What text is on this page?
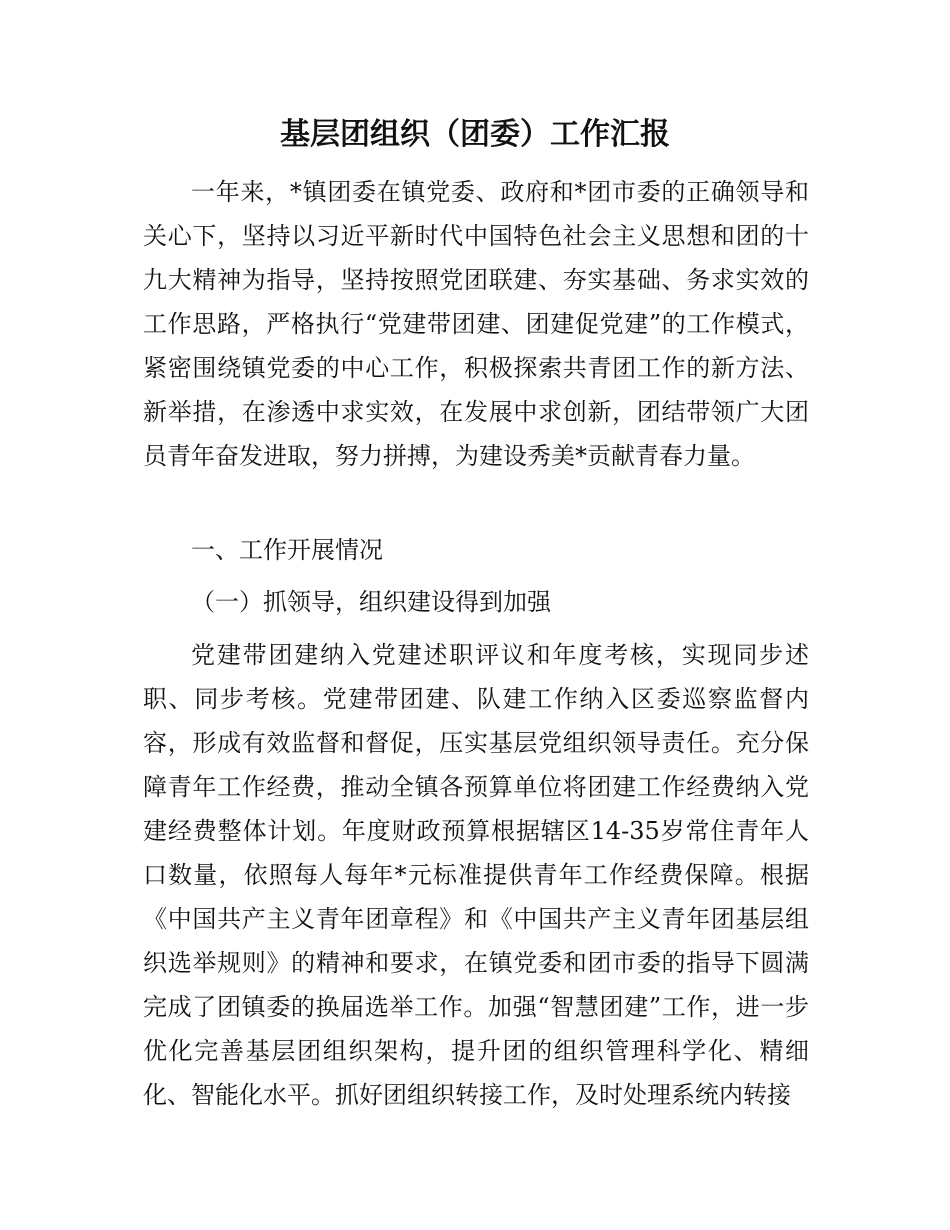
基层团组织（团委）工作汇报

一年来，*镇团委在镇党委、政府和*团市委的正确领导和关心下，坚持以习近平新时代中国特色社会主义思想和团的十九大精神为指导，坚持按照党团联建、夯实基础、务求实效的工作思路，严格执行“党建带团建、团建促党建”的工作模式，紧密围绕镇党委的中心工作，积极探索共青团工作的新方法、新举措，在渗透中求实效，在发展中求创新，团结带领广大团员青年奋发进取，努力拼搏，为建设秀美*贡献青春力量。

一、工作开展情况

（一）抓领导，组织建设得到加强

党建带团建纳入党建述职评议和年度考核，实现同步述职、同步考核。党建带团建、队建工作纳入区委巡察监督内容，形成有效监督和督促，压实基层党组织领导责任。充分保障青年工作经费，推动全镇各预算单位将团建工作经费纳入党建经费整体计划。年度财政预算根据辖区14-35岁常住青年人口数量，依照每人每年*元标准提供青年工作经费保障。根据《中国共产主义青年团章程》和《中国共产主义青年团基层组织选举规则》的精神和要求，在镇党委和团市委的指导下圆满完成了团镇委的换届选举工作。加强“智慧团建”工作，进一步优化完善基层团组织架构，提升团的组织管理科学化、精细化、智能化水平。抓好团组织转接工作，及时处理系统内转接
